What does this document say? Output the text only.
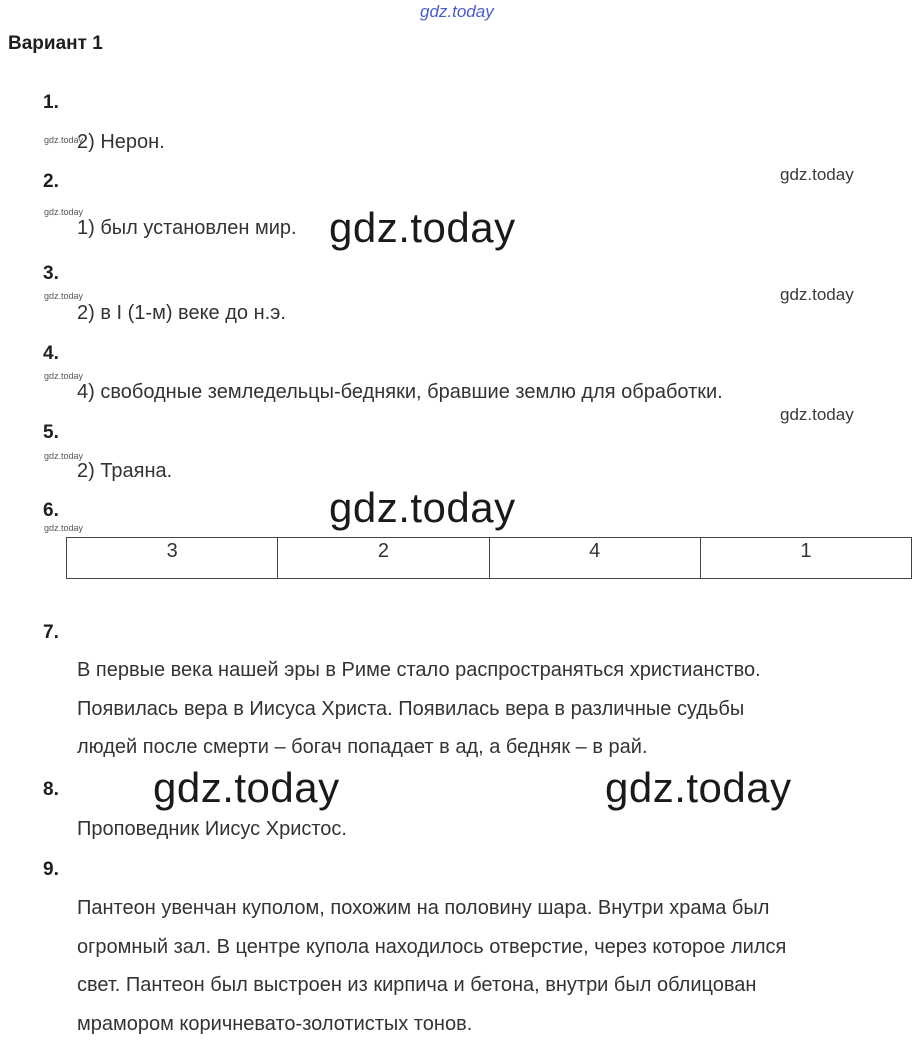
gdz.today
Вариант 1
1.
2) Нерон.
gdz.today
2.	gdz.today
gdz.today
1) был установлен мир. gdz.today
3.
gdz.today
gdz.today
2) в I (1-м) веке до н.э.
4.
gdz.today
4) свободные земледельцы-бедняки, бравшие землю для обработки.
gdz.today
5.
gdz.today
2) Траяна.
gdz.today
6.
gdz.today
3	2	4	1
7.
В первые века нашей эры в Риме стало распространяться христианство.
Появилась вера в Иисуса Христа. Появилась вера в различные судьбы
людей после смерти – богач попадает в ад, а бедняк – в рай.
8. gdz.today	gdz.today
Проповедник Иисус Христос.
9.
Пантеон увенчан куполом, похожим на половину шара. Внутри храма был
огромный зал. В центре купола находилось отверстие, через которое лился
свет. Пантеон был выстроен из кирпича и бетона, внутри был облицован
мрамором коричневато-золотистых тонов.
